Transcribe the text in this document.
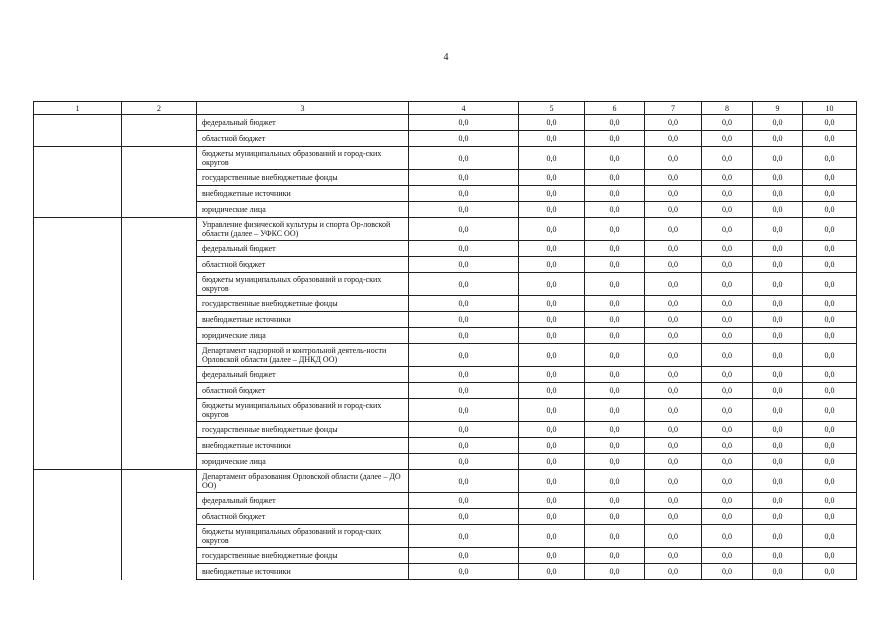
4
1	2	3	4	5	6	7	8	9	10
		федеральный бюджет	0,0	0,0	0,0	0,0	0,0	0,0	0,0
		областной бюджет	0,0	0,0	0,0	0,0	0,0	0,0	0,0
		бюджеты муниципальных образований и город-ских округов	0,0	0,0	0,0	0,0	0,0	0,0	0,0
		государственные внебюджетные фонды	0,0	0,0	0,0	0,0	0,0	0,0	0,0
		внебюджетные источники	0,0	0,0	0,0	0,0	0,0	0,0	0,0
		юридические лица	0,0	0,0	0,0	0,0	0,0	0,0	0,0
		Управление физической культуры и спорта Ор-ловской области (далее – УФКС ОО)	0,0	0,0	0,0	0,0	0,0	0,0	0,0
		федеральный бюджет	0,0	0,0	0,0	0,0	0,0	0,0	0,0
		областной бюджет	0,0	0,0	0,0	0,0	0,0	0,0	0,0
		бюджеты муниципальных образований и город-ских округов	0,0	0,0	0,0	0,0	0,0	0,0	0,0
		государственные внебюджетные фонды	0,0	0,0	0,0	0,0	0,0	0,0	0,0
		внебюджетные источники	0,0	0,0	0,0	0,0	0,0	0,0	0,0
		юридические лица	0,0	0,0	0,0	0,0	0,0	0,0	0,0
		Департамент надзорной и контрольной деятель-ности Орловской области (далее – ДНКД ОО)	0,0	0,0	0,0	0,0	0,0	0,0	0,0
		федеральный бюджет	0,0	0,0	0,0	0,0	0,0	0,0	0,0
		областной бюджет	0,0	0,0	0,0	0,0	0,0	0,0	0,0
		бюджеты муниципальных образований и город-ских округов	0,0	0,0	0,0	0,0	0,0	0,0	0,0
		государственные внебюджетные фонды	0,0	0,0	0,0	0,0	0,0	0,0	0,0
		внебюджетные источники	0,0	0,0	0,0	0,0	0,0	0,0	0,0
		юридические лица	0,0	0,0	0,0	0,0	0,0	0,0	0,0
		Департамент образования Орловской области (далее – ДО ОО)	0,0	0,0	0,0	0,0	0,0	0,0	0,0
		федеральный бюджет	0,0	0,0	0,0	0,0	0,0	0,0	0,0
		областной бюджет	0,0	0,0	0,0	0,0	0,0	0,0	0,0
		бюджеты муниципальных образований и город-ских округов	0,0	0,0	0,0	0,0	0,0	0,0	0,0
		государственные внебюджетные фонды	0,0	0,0	0,0	0,0	0,0	0,0	0,0
		внебюджетные источники	0,0	0,0	0,0	0,0	0,0	0,0	0,0
